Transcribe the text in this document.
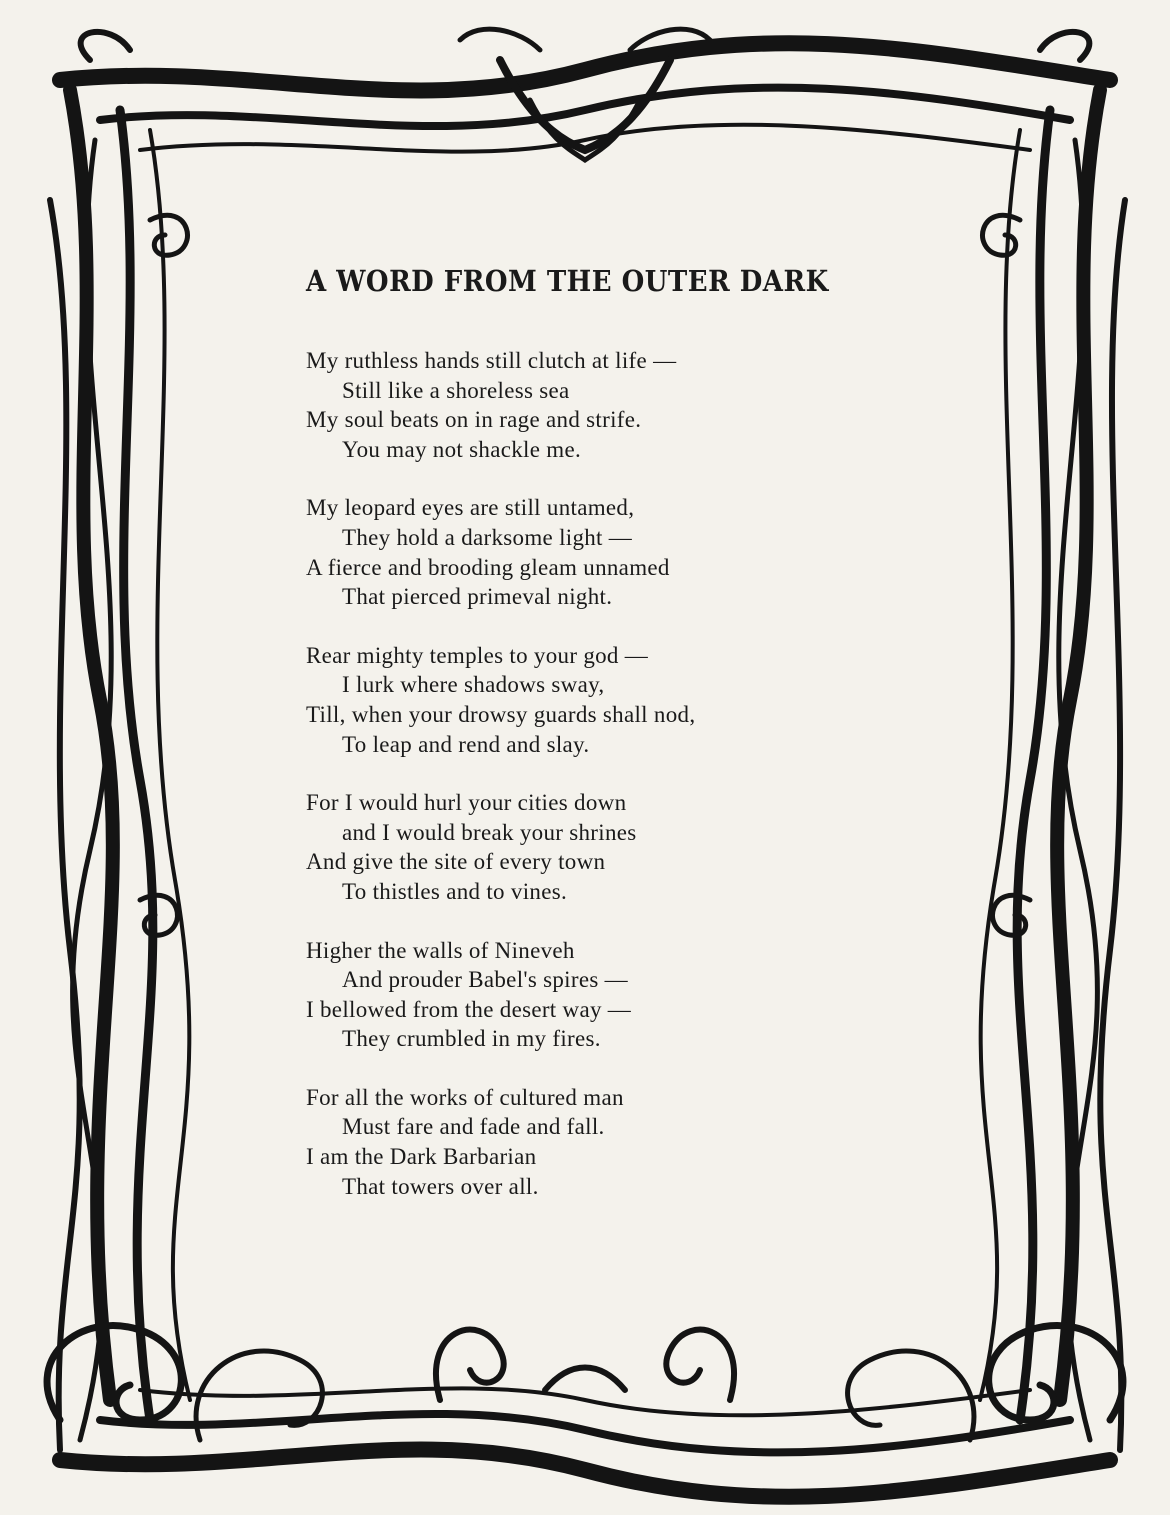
A WORD FROM THE OUTER DARK
My ruthless hands still clutch at life —
Still like a shoreless sea
My soul beats on in rage and strife.
You may not shackle me.
My leopard eyes are still untamed,
They hold a darksome light —
A fierce and brooding gleam unnamed
That pierced primeval night.
Rear mighty temples to your god —
I lurk where shadows sway,
Till, when your drowsy guards shall nod,
To leap and rend and slay.
For I would hurl your cities down
and I would break your shrines
And give the site of every town
To thistles and to vines.
Higher the walls of Nineveh
And prouder Babel's spires —
I bellowed from the desert way —
They crumbled in my fires.
For all the works of cultured man
Must fare and fade and fall.
I am the Dark Barbarian
That towers over all.
